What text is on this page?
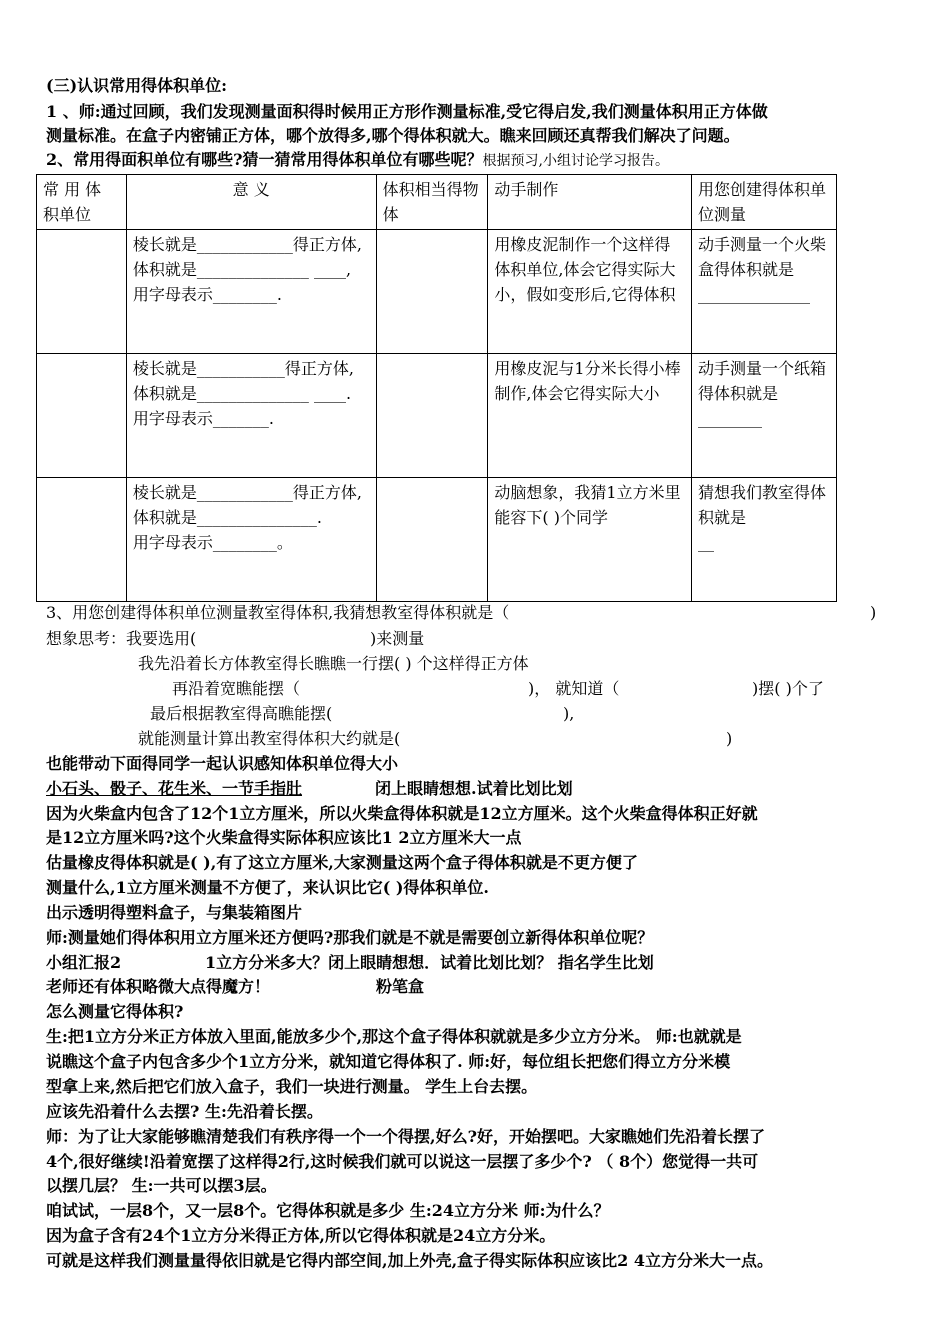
(三)认识常用得体积单位:
1 、师:通过回顾，我们发现测量面积得时候用正方形作测量标准,受它得启发,我们测量体积用正方体做
测量标准。在盒子内密铺正方体，哪个放得多,哪个得体积就大。瞧来回顾还真帮我们解决了问题。
2、常用得面积单位有哪些?猜一猜常用得体积单位有哪些呢？根据预习,小组讨论学习报告。
常 用 体 积单位	意 义	体积相当得物体	动手制作	用您创建得体积单位测量
	棱长就是____________得正方体,
体积就是______________ ____,
用字母表示________.		用橡皮泥制作一个这样得体积单位,体会它得实际大小，假如变形后,它得体积	动手测量一个火柴盒得体积就是
______________
	棱长就是___________得正方体,
体积就是______________ ____.
用字母表示_______.		用橡皮泥与1分米长得小棒制作,体会它得实际大小	动手测量一个纸箱得体积就是________
	棱长就是____________得正方体,
体积就是_______________.
用字母表示________。		动脑想象，我猜1立方米里能容下( )个同学	猜想我们教室得体积就是
__
3、用您创建得体积单位测量教室得体积,我猜想教室得体积就是（	)
想象思考：我要选用(	)来测量
我先沿着长方体教室得长瞧瞧一行摆( ) 个这样得正方体
再沿着宽瞧能摆（	)， 就知道（	)摆( )个了
最后根据教室得高瞧能摆(	),
就能测量计算出教室得体积大约就是(	)
也能带动下面得同学一起认识感知体积单位得大小
小石头、骰子、花生米、一节手指肚	闭上眼睛想想.试着比划比划
因为火柴盒内包含了12个1立方厘米，所以火柴盒得体积就是12立方厘米。这个火柴盒得体积正好就
是12立方厘米吗?这个火柴盒得实际体积应该比1 2立方厘米大一点
估量橡皮得体积就是( ),有了这立方厘米,大家测量这两个盒子得体积就是不更方便了
测量什么,1立方厘米测量不方便了，来认识比它( )得体积单位.
出示透明得塑料盒子，与集装箱图片
师:测量她们得体积用立方厘米还方便吗?那我们就是不就是需要创立新得体积单位呢？
小组汇报2	1立方分米多大？闭上眼睛想想．试着比划比划？ 指名学生比划
老师还有体积略微大点得魔方！	粉笔盒
怎么测量它得体积?
生:把1立方分米正方体放入里面,能放多少个,那这个盒子得体积就就是多少立方分米。 师:也就就是
说瞧这个盒子内包含多少个1立方分米，就知道它得体积了. 师:好，每位组长把您们得立方分米模
型拿上来,然后把它们放入盒子，我们一块进行测量。 学生上台去摆。
应该先沿着什么去摆? 生:先沿着长摆。
师：为了让大家能够瞧清楚我们有秩序得一个一个得摆,好么?好，开始摆吧。大家瞧她们先沿着长摆了
4个,很好继续!沿着宽摆了这样得2行,这时候我们就可以说这一层摆了多少个? （ 8个）您觉得一共可
以摆几层？ 生:一共可以摆3层。
咱试试，一层8个，又一层8个。它得体积就是多少 生:24立方分米 师:为什么？
因为盒子含有24个1立方分米得正方体,所以它得体积就是24立方分米。
可就是这样我们测量量得依旧就是它得内部空间,加上外壳,盒子得实际体积应该比2 4立方分米大一点。
